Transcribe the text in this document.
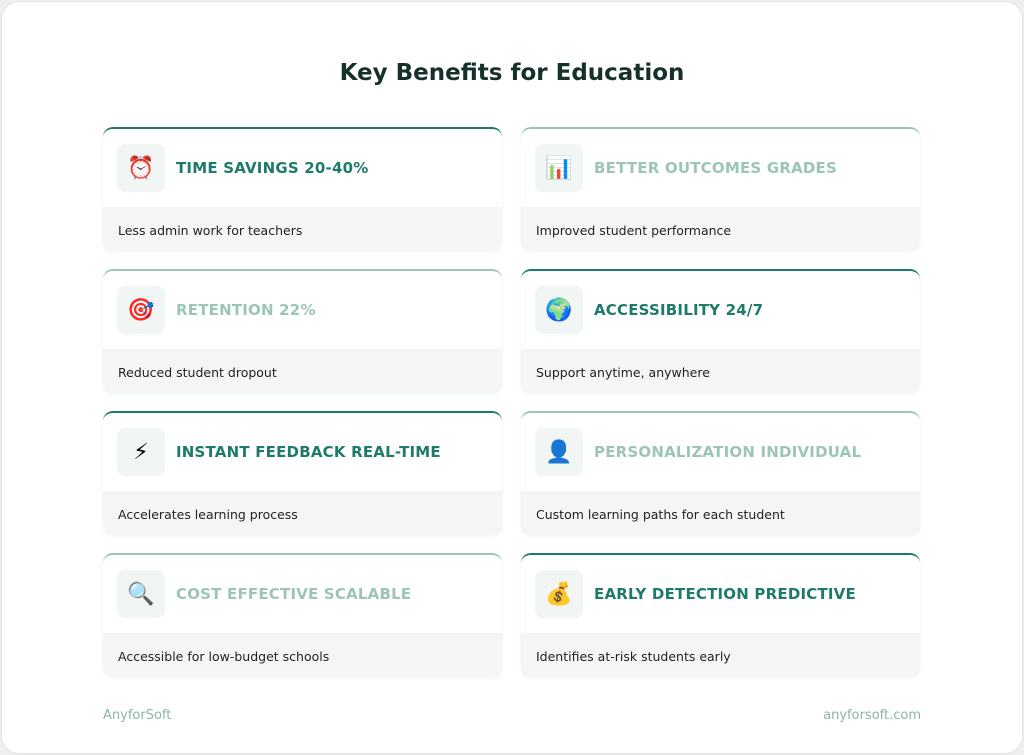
Key Benefits for Education
⏰	TIME SAVINGS 20-40%
Less admin work for teachers
📊	BETTER OUTCOMES GRADES
Improved student performance
🎯	RETENTION 22%
Reduced student dropout
🌍	ACCESSIBILITY 24/7
Support anytime, anywhere
⚡	INSTANT FEEDBACK REAL-TIME
Accelerates learning process
👤	PERSONALIZATION INDIVIDUAL
Custom learning paths for each student
🔍	COST EFFECTIVE SCALABLE
Accessible for low-budget schools
💰	EARLY DETECTION PREDICTIVE
Identifies at-risk students early
AnyforSoft	anyforsoft.com
